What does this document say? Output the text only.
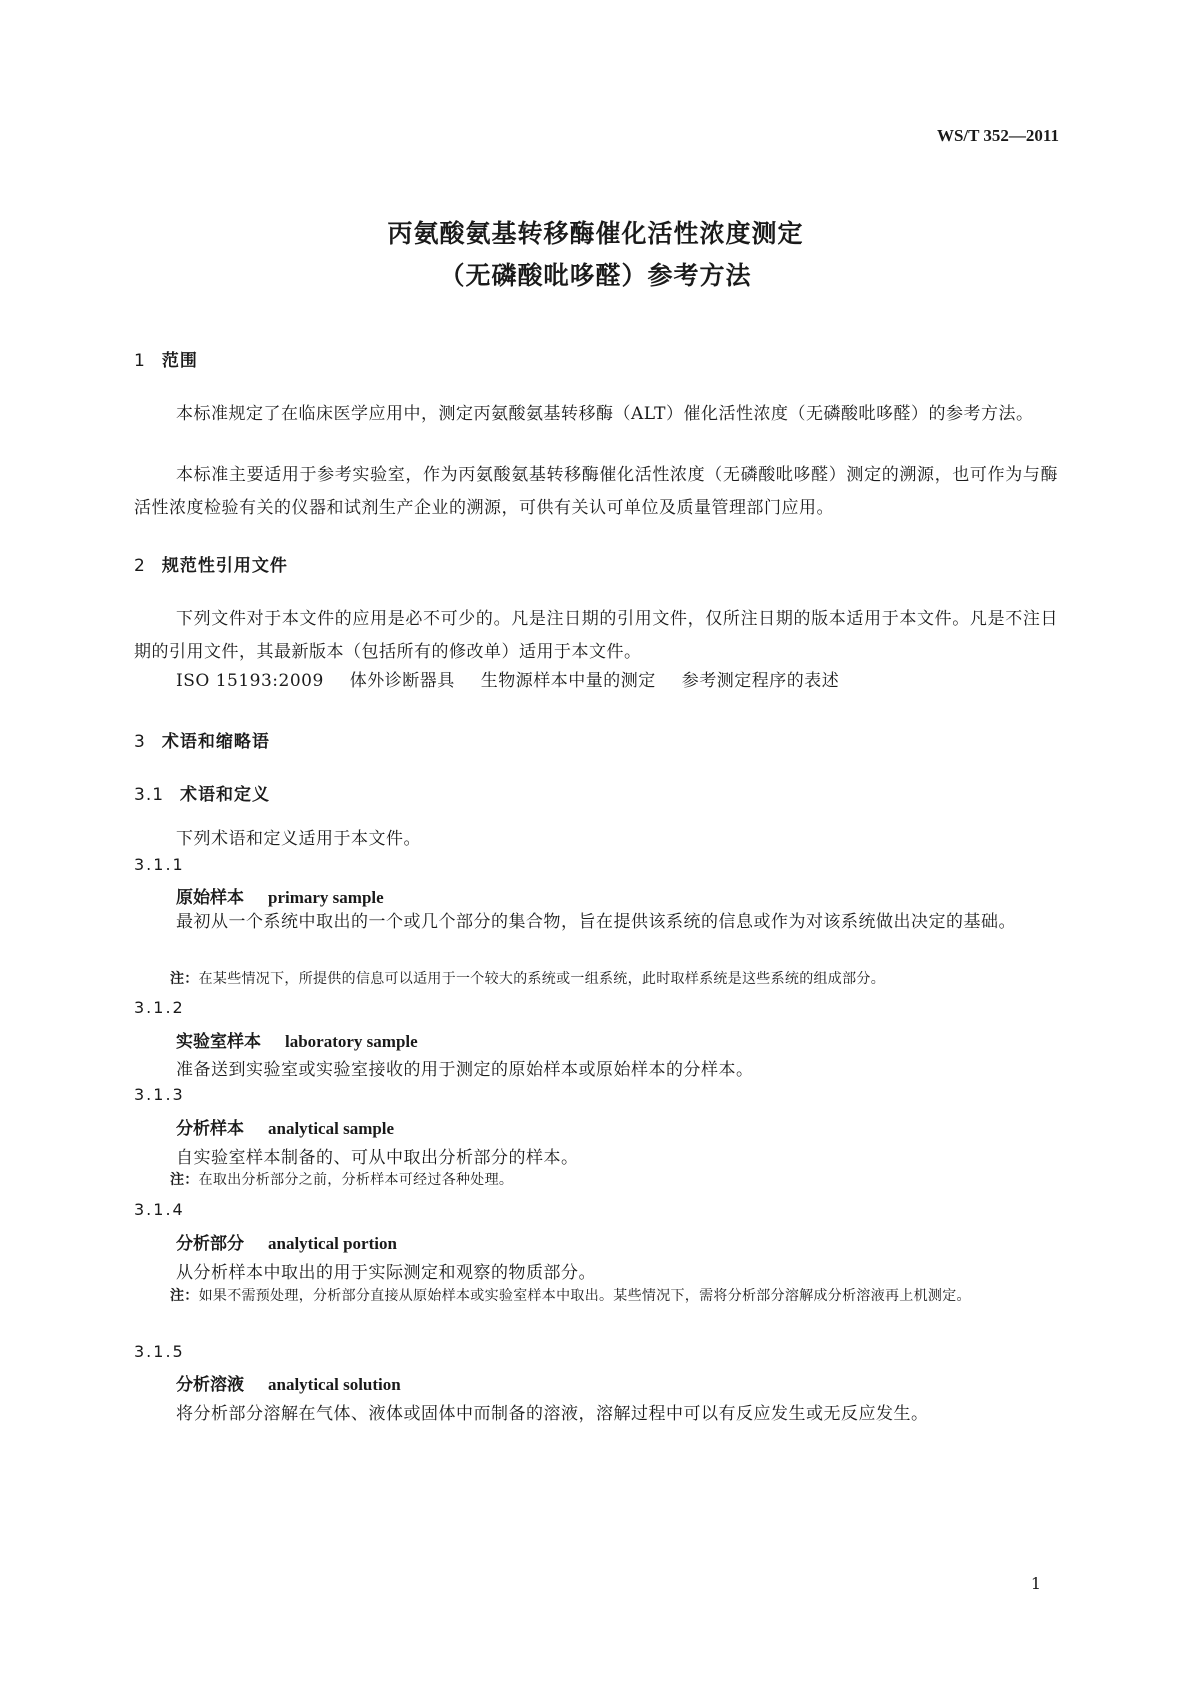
WS/T 352—2011
丙氨酸氨基转移酶催化活性浓度测定
（无磷酸吡哆醛）参考方法
1 范围
本标准规定了在临床医学应用中，测定丙氨酸氨基转移酶（ALT）催化活性浓度（无磷酸吡哆醛）的参考方法。
本标准主要适用于参考实验室，作为丙氨酸氨基转移酶催化活性浓度（无磷酸吡哆醛）测定的溯源，也可作为与酶活性浓度检验有关的仪器和试剂生产企业的溯源，可供有关认可单位及质量管理部门应用。
2 规范性引用文件
下列文件对于本文件的应用是必不可少的。凡是注日期的引用文件，仅所注日期的版本适用于本文件。凡是不注日期的引用文件，其最新版本（包括所有的修改单）适用于本文件。
ISO 15193:2009 体外诊断器具 生物源样本中量的测定 参考测定程序的表述
3 术语和缩略语
3.1 术语和定义
下列术语和定义适用于本文件。
3.1.1
原始样本 primary sample
最初从一个系统中取出的一个或几个部分的集合物，旨在提供该系统的信息或作为对该系统做出决定的基础。
注：在某些情况下，所提供的信息可以适用于一个较大的系统或一组系统，此时取样系统是这些系统的组成部分。
3.1.2
实验室样本 laboratory sample
准备送到实验室或实验室接收的用于测定的原始样本或原始样本的分样本。
3.1.3
分析样本 analytical sample
自实验室样本制备的、可从中取出分析部分的样本。
注：在取出分析部分之前，分析样本可经过各种处理。
3.1.4
分析部分 analytical portion
从分析样本中取出的用于实际测定和观察的物质部分。
注：如果不需预处理，分析部分直接从原始样本或实验室样本中取出。某些情况下，需将分析部分溶解成分析溶液再上机测定。
3.1.5
分析溶液 analytical solution
将分析部分溶解在气体、液体或固体中而制备的溶液，溶解过程中可以有反应发生或无反应发生。
1
